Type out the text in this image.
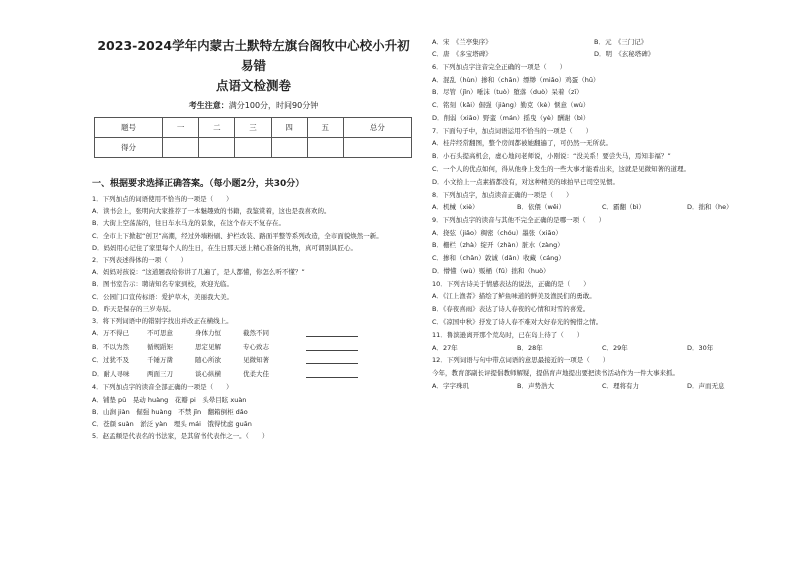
2023-2024学年内蒙古土默特左旗台阁牧中心校小升初易错
点语文检测卷
考生注意：满分100分，时间90分钟
题号	一	二	三	四	五	总分
得分						
一、根据要求选择正确答案。（每小题2分，共30分）
1．下列加点的词语使用不恰当的一项是（　　）
A．读书会上，张明向大家推荐了一本魅趣致的书籍，我鉴赏着，这也是我喜欢的。
B．大街上空荡荡的，往日车水马龙的景象，在这个春天不复存在。
C．全市上下掀起“创卫”高潮，经过外墙粉刷、护栏改装、路面平整等系列改造，全市面貌焕然一新。
D．妈妈用心记住了家里每个人的生日，在生日那天送上精心准备的礼物，真可谓别具匠心。
2．下列表述得体的一项（　　）
A．妈妈对孩说：“这道题我给你讲了几遍了，是人都懂，你怎么听不懂？”
B．图书室告示：聘请知名专家到校，欢迎光临。
C．公园门口宣传标语：爱护草木，美丽我大美。
D．昨天是保存的三岁寿辰。
3．将下列词语中的错别字找出并改正在横线上。
A．万不得已	不可思意	身体力恒	截然不同
B．不以为然	循规蹈矩	思定见解	专心致志
C．过犹不及	千锤万凿	随心所欲	见微知著
D．耐人寻味	两面三刀	谈心纵横	优柔大佳
4．下列加点字的读音全部正确的一项是（　　）
A．铺垫 pū　晃动 huàng　花瓣 pi　头晕目眩 xuàn
B．山涧 jiàn　倔强 huàng　不禁 jīn　翻箱倒柜 dǎo
C．苍颜 suàn　淤泛 yàn　埋头 mái　饿得忧虑 guān
5．赵孟頫是代表名的书法家，是其留书代表作之一。（　　）
A．宋　《兰亭集序》	B．元　《三门记》
C．唐　《多宝塔碑》	D．明　《玄秘塔碑》
6．下列加点字注音完全正确的一项是（　　）
A．混乱（hùn）掺和（chān）缥缈（miǎo）鸡蛋（hū）
B．尽管（jǐn）唾沫（tuò）堕落（duò）呆着（zī）
C．铭刻（kǎi）倔强（jiàng）勤克（kè）惬意（wù）
D．削弱（xiāo）野蛮（mán）摇曳（yè）酬谢（bì）
7．下面句子中，加点词语运用不恰当的一项是（　　）
A．桂芹经常翻图，整个房间都被她翻遍了，可仍然一无所获。
B．小石头提高机会，虚心地问老师说，小刚说：“没关系！要尝失马，焉知非福？”
C．一个人的优点如何，得从他身上发生的一些大事才能看出来，这就是见微知著的道理。
D．小文拾上一点素描都没有，对这种精美的球拍早已司空见惯。
8．下列加点字，加点读音正确的一项是（　　）
A．机械（xiè）	B．依偎（wēi）	C．霸翻（bì）	D．拙和（he）
9．下列加点字的读音与其他不完全正确的是哪一项（　　）
A．挠弦（jiǎo）稠密（chóu）墨张（xiāo）
B．栅栏（zhà）绽开（zhàn）脏水（zàng）
C．掺和（chān）敦诚（dǎn）收藏（cáng）
D．懵懂（wù）贩桶（fǔ）拙和（huò）
10．下列古诗关于情感表达的说法，正确的是（　　）
A．《江上渔者》描绘了鲈鱼味道的鲜美及渔民们的勇敢。
B．《春夜喜雨》表达了诗人春夜的心情和对雪的喜爱。
C．《凉国中秋》抒发了诗人春不难对大好春光的惋惜之情。
11．鲁滨逊离开那个荒岛时，已在岛上待了（　　）
A．27年	B．28年	C．29年	D．30年
12．下列词语与句中带点词语的意思最接近的一项是（　　）
今年，教育部副长评提倡教师解疑，提倡育声地提出要把读书活动作为一件大事来抓。
A．字字珠玑	B．声势浩大	C．理将有力	D．声而无息
